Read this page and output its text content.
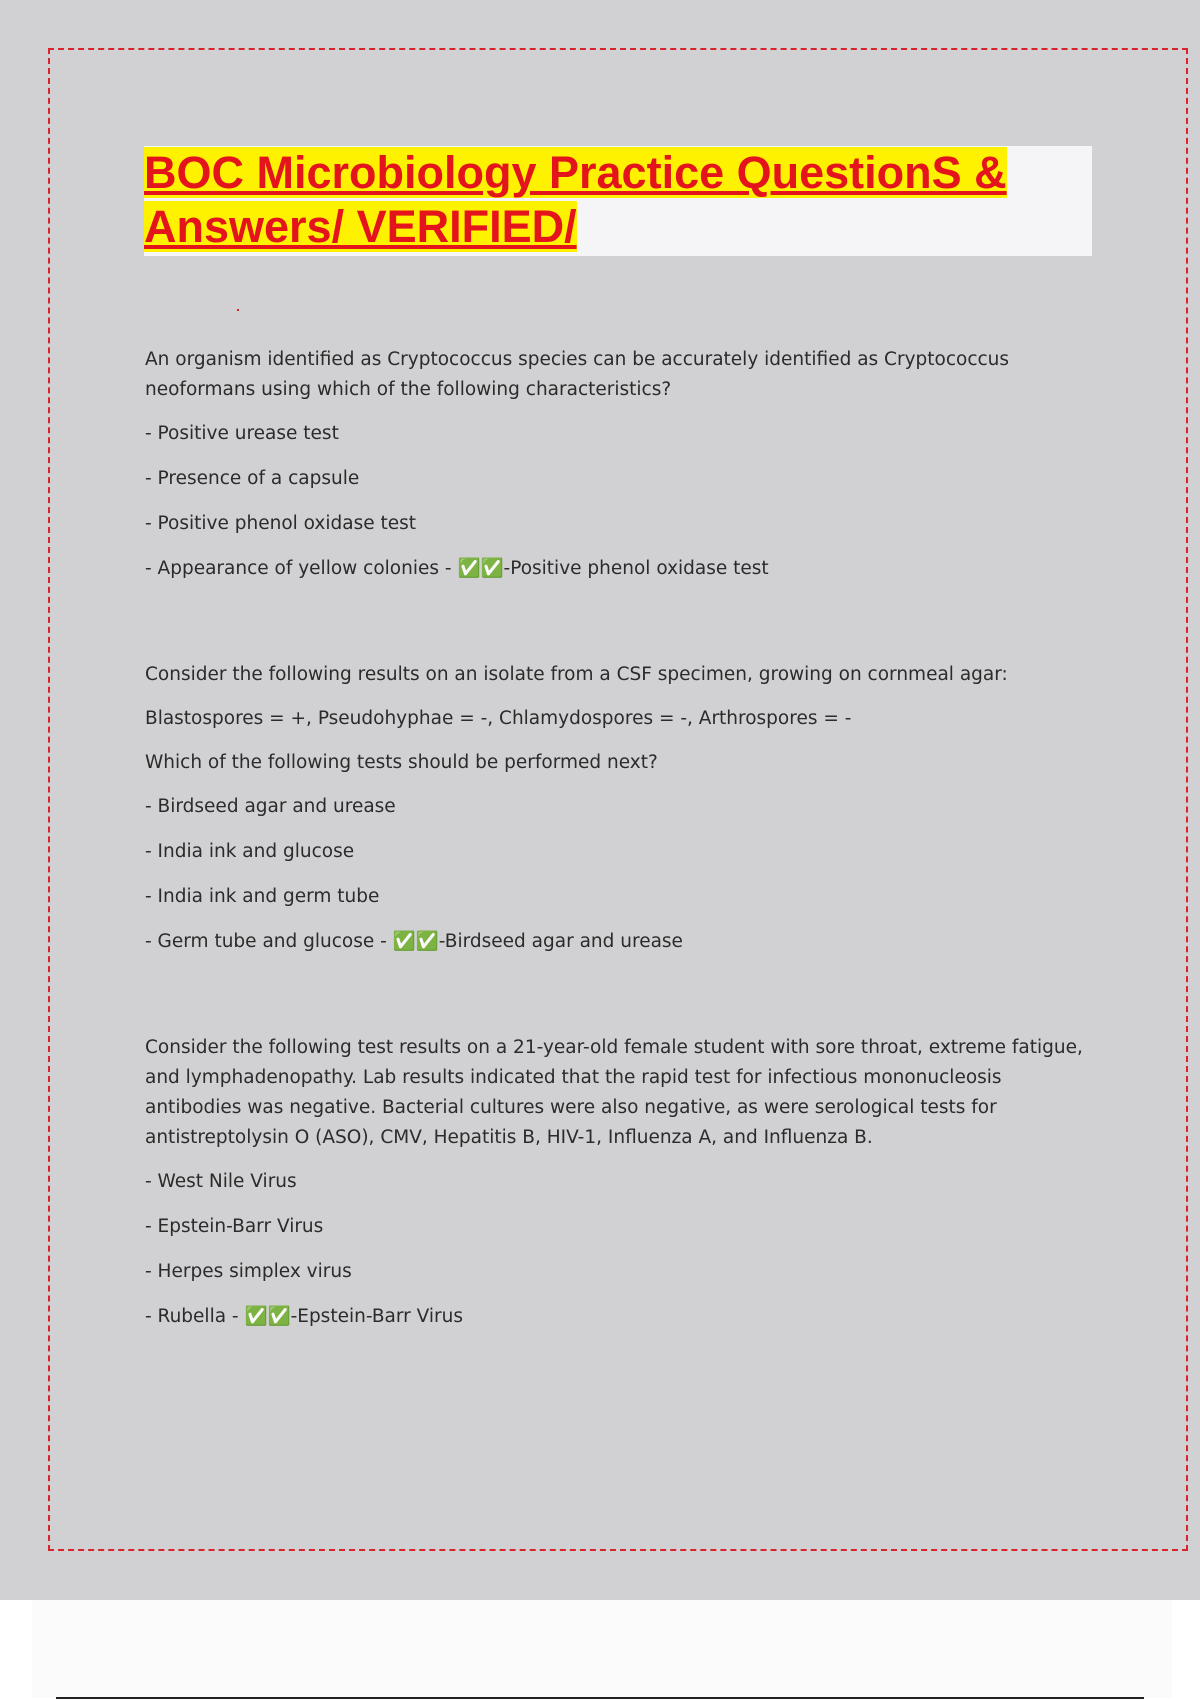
BOC Microbiology Practice QuestionS &
Answers/ VERIFIED/

An organism identified as Cryptococcus species can be accurately identified as Cryptococcus neoformans using which of the following characteristics?

- Positive urease test

- Presence of a capsule

- Positive phenol oxidase test

- Appearance of yellow colonies - ✅✅-Positive phenol oxidase test

Consider the following results on an isolate from a CSF specimen, growing on cornmeal agar:

Blastospores = +, Pseudohyphae = -, Chlamydospores = -, Arthrospores = -

Which of the following tests should be performed next?

- Birdseed agar and urease

- India ink and glucose

- India ink and germ tube

- Germ tube and glucose - ✅✅-Birdseed agar and urease

Consider the following test results on a 21-year-old female student with sore throat, extreme fatigue, and lymphadenopathy. Lab results indicated that the rapid test for infectious mononucleosis antibodies was negative. Bacterial cultures were also negative, as were serological tests for antistreptolysin O (ASO), CMV, Hepatitis B, HIV-1, Influenza A, and Influenza B.

- West Nile Virus

- Epstein-Barr Virus

- Herpes simplex virus

- Rubella - ✅✅-Epstein-Barr Virus
